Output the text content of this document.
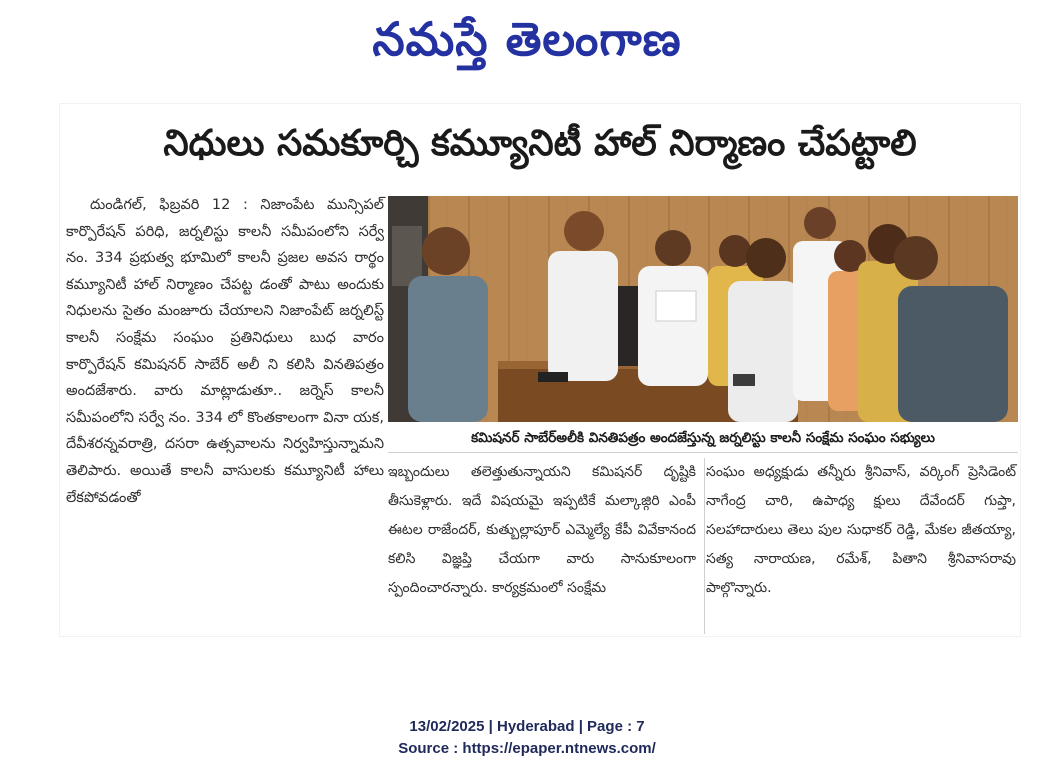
నమస్తే తెలంగాణ
నిధులు సమకూర్చి కమ్యూనిటీ హాల్ నిర్మాణం చేపట్టాలి

దుండిగల్, ఫిబ్రవరి 12 : నిజాంపేట మున్సిపల్ కార్పొరేషన్ పరిధి, జర్నలిస్టు కాలనీ సమీపంలోని సర్వే నం. 334 ప్రభుత్వ భూమిలో కాలనీ ప్రజల అవస రార్థం కమ్యూనిటీ హాల్ నిర్మాణం చేపట్ట డంతో పాటు అందుకు నిధులను సైతం మంజూరు చేయాలని నిజాంపేట్ జర్నలిస్ట్ కాలనీ సంక్షేమ సంఘం ప్రతినిధులు బుధ వారం కార్పొరేషన్ కమిషనర్ సాబేర్ అలీ ని కలిసి వినతిపత్రం అందజేశారు. వారు మాట్లాడుతూ.. జర్నెస్ కాలనీ సమీపంలోని సర్వే నం. 334 లో కొంతకాలంగా వినా యక, దేవీశరన్నవరాత్రి, దసరా ఉత్సవాలను నిర్వహిస్తున్నామని తెలిపారు. అయితే కాలనీ వాసులకు కమ్యూనిటీ హాలు లేకపోవడంతో

కమిషనర్ సాబేర్‌అలీకి వినతిపత్రం అందజేస్తున్న జర్నలిస్టు కాలనీ సంక్షేమ సంఘం సభ్యులు

ఇబ్బందులు తలెత్తుతున్నాయని కమిషనర్ దృష్టికి తీసుకెళ్లారు. ఇదే విషయమై ఇప్పటికే మల్కాజ్గిరి ఎంపీ ఈటల రాజేందర్, కుత్బుల్లాపూర్ ఎమ్మెల్యే కేపీ వివేకానంద కలిసి విజ్ఞప్తి చేయగా వారు సానుకూలంగా స్పందించారన్నారు. కార్యక్రమంలో సంక్షేమ

సంఘం అధ్యక్షుడు తన్నీరు శ్రీనివాస్, వర్కింగ్ ప్రెసిడెంట్ నాగేంద్ర చారి, ఉపాధ్య క్షులు దేవేందర్ గుప్తా, సలహాదారులు తెలు పుల సుధాకర్ రెడ్డి, మేకల జీతయ్యా, సత్య నారాయణ, రమేశ్, పితాని శ్రీనివాసరావు పాల్గొన్నారు.

13/02/2025 | Hyderabad | Page : 7
Source : https://epaper.ntnews.com/
